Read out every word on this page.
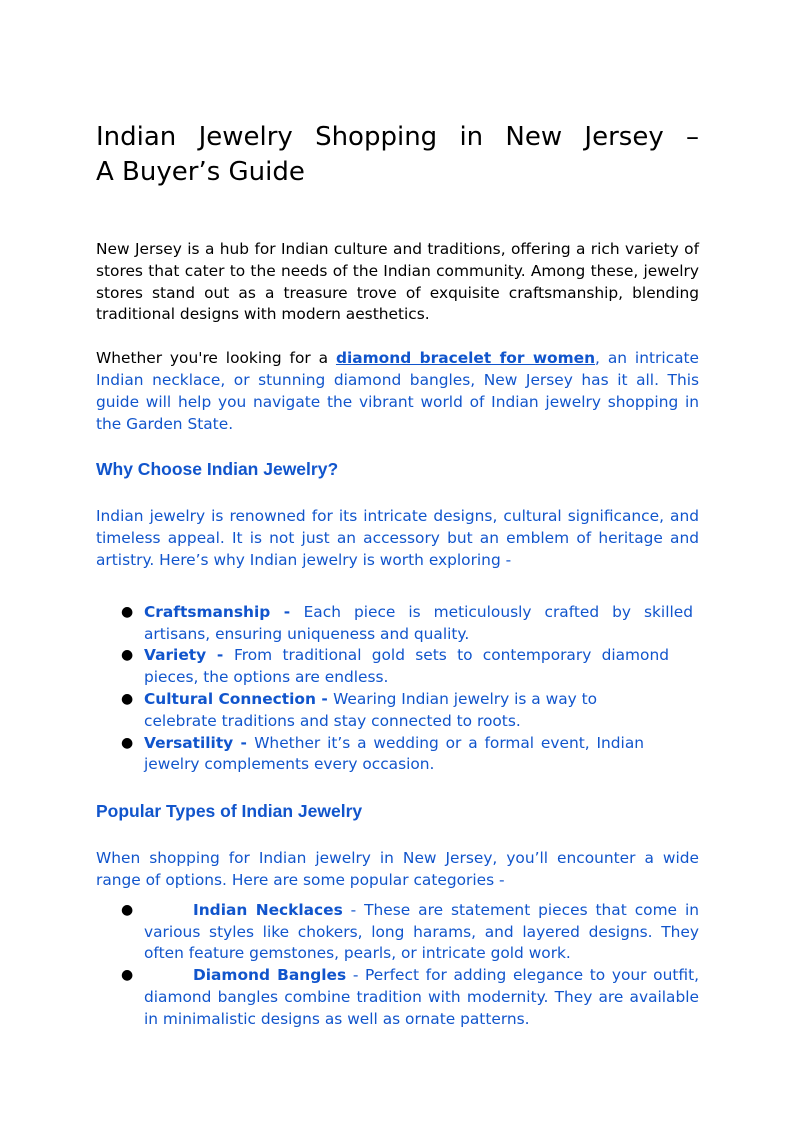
Indian Jewelry Shopping in New Jersey –
A Buyer’s Guide

New Jersey is a hub for Indian culture and traditions, offering a rich variety of stores that cater to the needs of the Indian community. Among these, jewelry stores stand out as a treasure trove of exquisite craftsmanship, blending traditional designs with modern aesthetics.

Whether you're looking for a diamond bracelet for women, an intricate Indian necklace, or stunning diamond bangles, New Jersey has it all. This guide will help you navigate the vibrant world of Indian jewelry shopping in the Garden State.

Why Choose Indian Jewelry?

Indian jewelry is renowned for its intricate designs, cultural significance, and timeless appeal. It is not just an accessory but an emblem of heritage and artistry. Here’s why Indian jewelry is worth exploring -

● Craftsmanship - Each piece is meticulously crafted by skilled artisans, ensuring uniqueness and quality.
● Variety - From traditional gold sets to contemporary diamond pieces, the options are endless.
● Cultural Connection - Wearing Indian jewelry is a way to celebrate traditions and stay connected to roots.
● Versatility - Whether it’s a wedding or a formal event, Indian jewelry complements every occasion.
Popular Types of Indian Jewelry

When shopping for Indian jewelry in New Jersey, you’ll encounter a wide range of options. Here are some popular categories -

●	Indian Necklaces - These are statement pieces that come in various styles like chokers, long harams, and layered designs. They often feature gemstones, pearls, or intricate gold work.
●	Diamond Bangles - Perfect for adding elegance to your outfit, diamond bangles combine tradition with modernity. They are available in minimalistic designs as well as ornate patterns.
